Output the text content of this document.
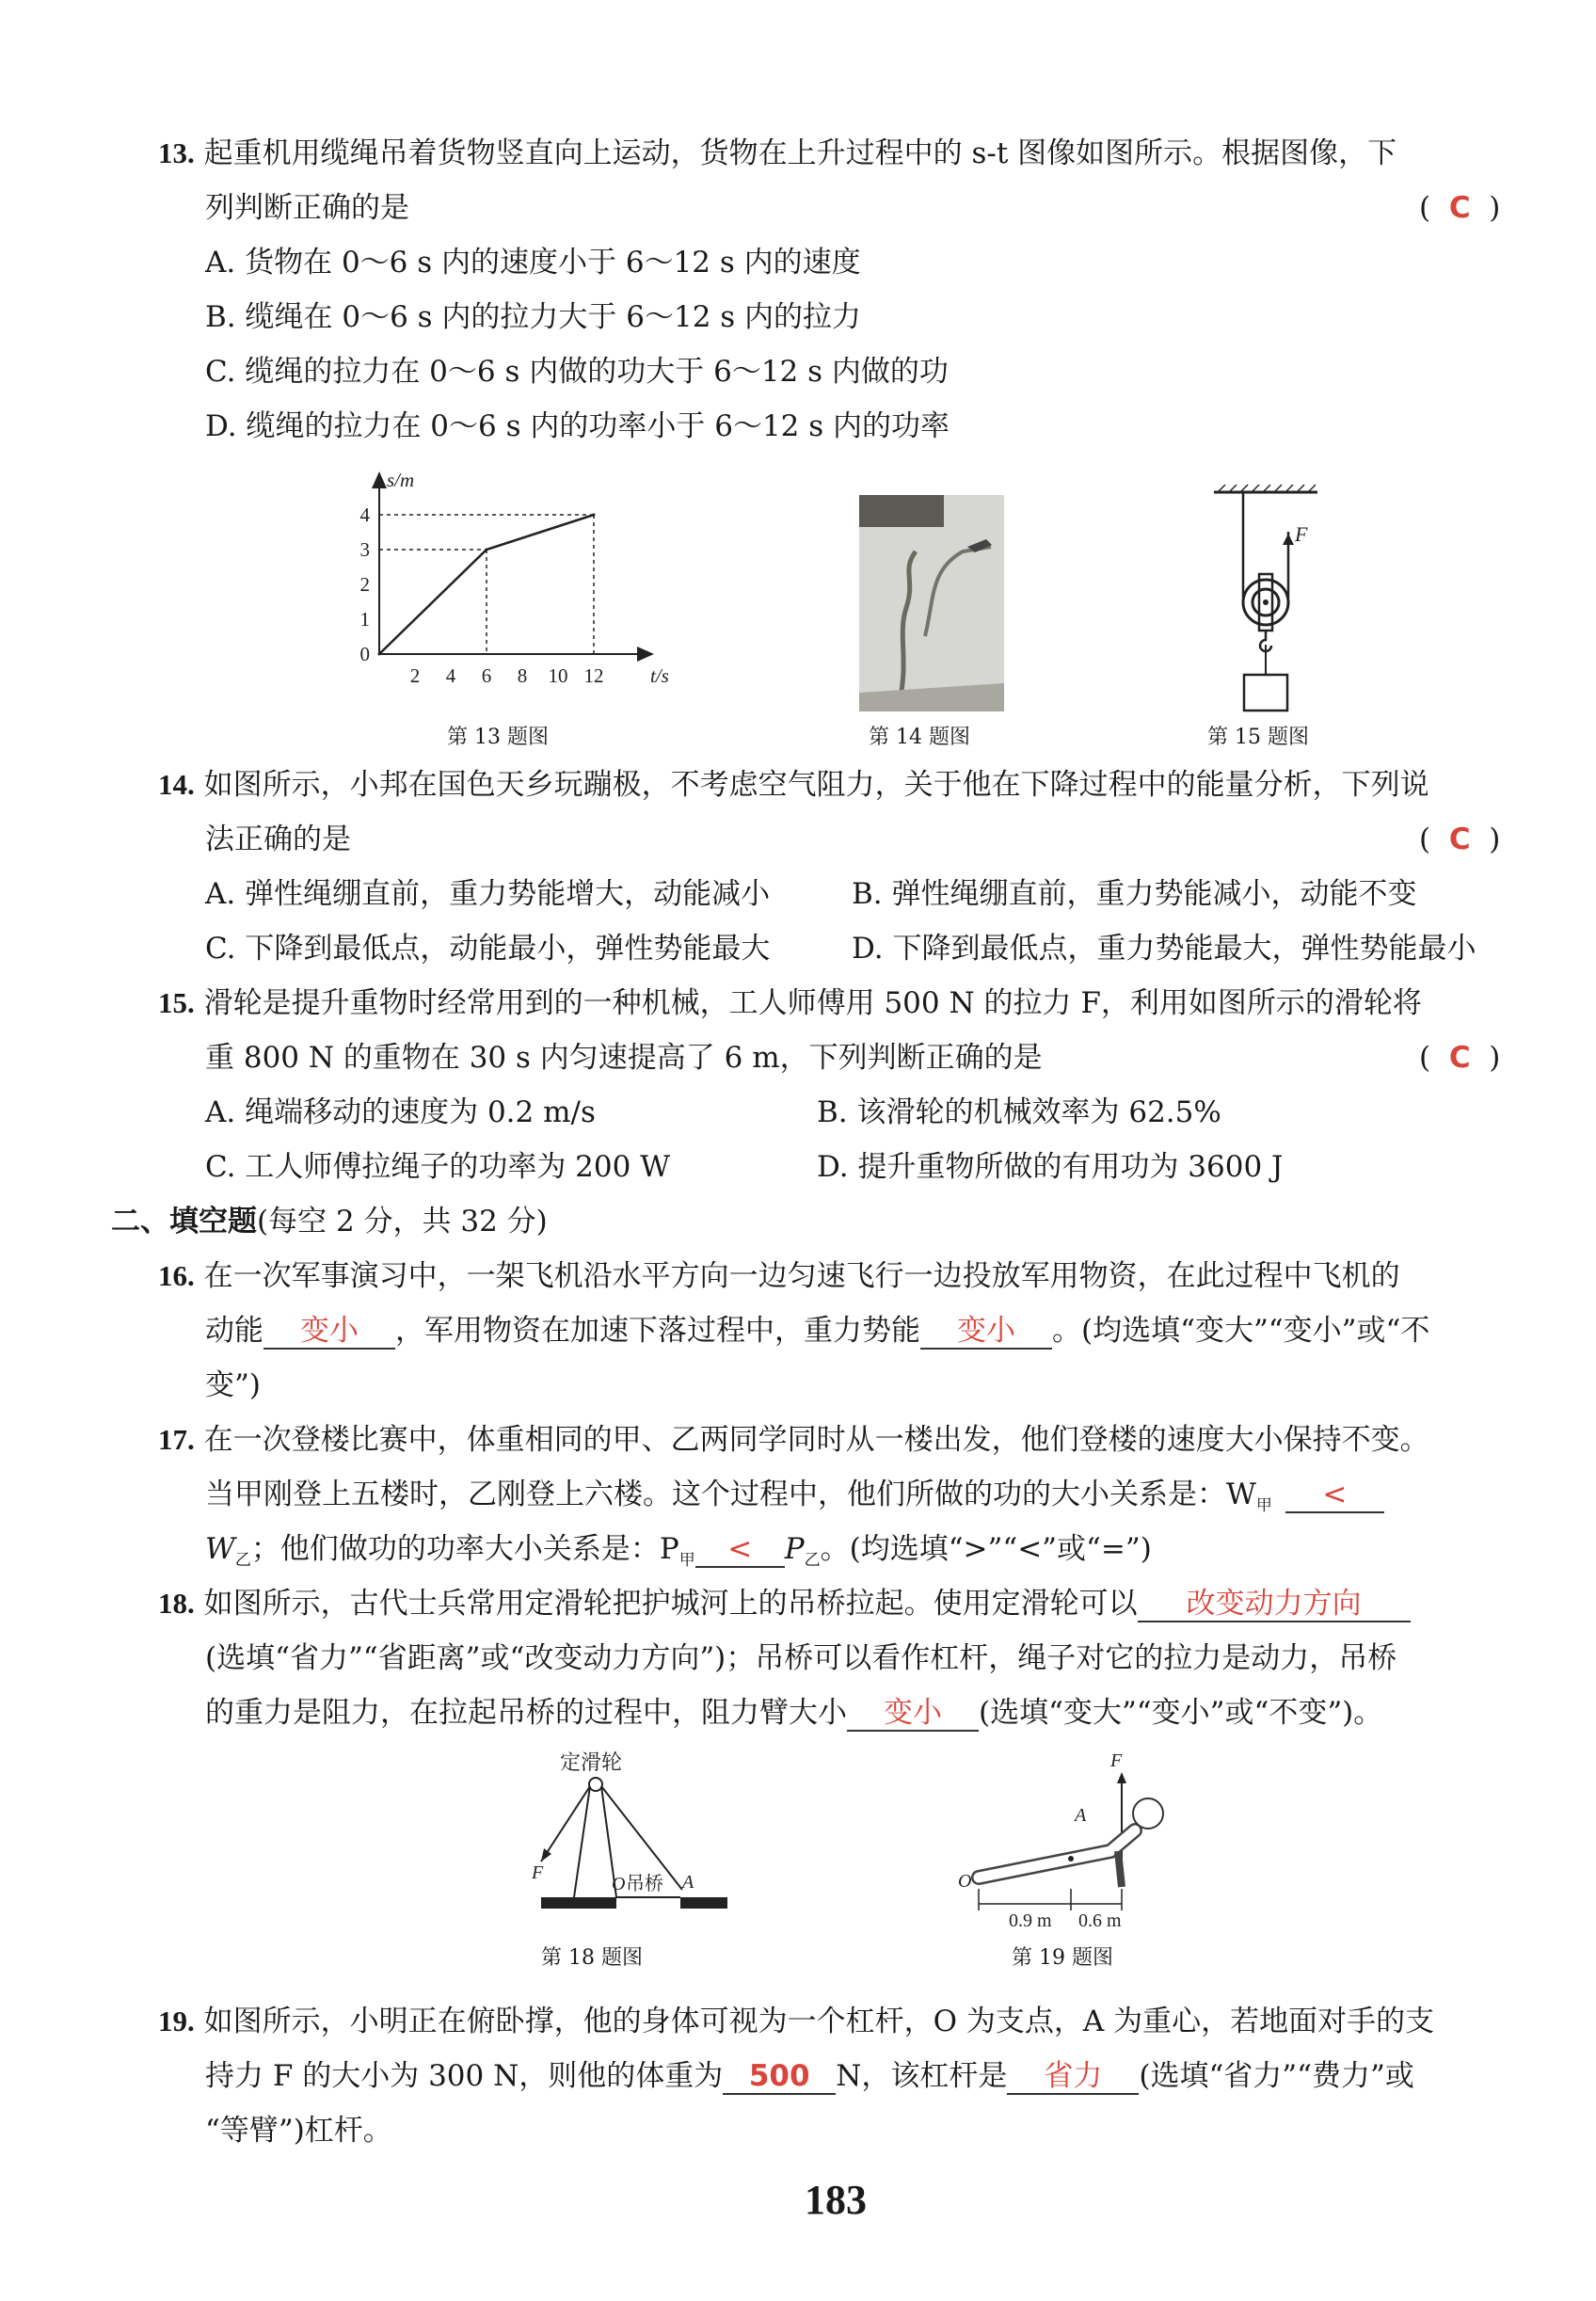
13. 起重机用缆绳吊着货物竖直向上运动，货物在上升过程中的 s-t 图像如图所示。根据图像，下
列判断正确的是	(  C  )
A. 货物在 0～6 s 内的速度小于 6～12 s 内的速度
B. 缆绳在 0～6 s 内的拉力大于 6～12 s 内的拉力
C. 缆绳的拉力在 0～6 s 内做的功大于 6～12 s 内做的功
D. 缆绳的拉力在 0～6 s 内的功率小于 6～12 s 内的功率
s/m
t/s
2 4 6 8 10 12
0
1
2
3
4
第 13 题图	第 14 题图
F
第 15 题图
14. 如图所示，小邦在国色天乡玩蹦极，不考虑空气阻力，关于他在下降过程中的能量分析，下列说
法正确的是	(  C  )
A. 弹性绳绷直前，重力势能增大，动能减小	B. 弹性绳绷直前，重力势能减小，动能不变
C. 下降到最低点，动能最小，弹性势能最大	D. 下降到最低点，重力势能最大，弹性势能最小
15. 滑轮是提升重物时经常用到的一种机械，工人师傅用 500 N 的拉力 F，利用如图所示的滑轮将
重 800 N 的重物在 30 s 内匀速提高了 6 m，下列判断正确的是	(  C  )
A. 绳端移动的速度为 0.2 m/s	B. 该滑轮的机械效率为 62.5%
C. 工人师傅拉绳子的功率为 200 W	D. 提升重物所做的有用功为 3600 J
二、填空题(每空 2 分，共 32 分)
16. 在一次军事演习中，一架飞机沿水平方向一边匀速飞行一边投放军用物资，在此过程中飞机的
动能 变小 ，军用物资在加速下落过程中，重力势能 变小 。(均选填“变大”“变小”或“不
变”)
17. 在一次登楼比赛中，体重相同的甲、乙两同学同时从一楼出发，他们登楼的速度大小保持不变。
当甲刚登上五楼时，乙刚登上六楼。这个过程中，他们所做的功的大小关系是：$W_甲$ <
$W_乙$；他们做功的功率大小关系是：$P_甲 < P_乙$。(均选填“>”“<”或“=”)
18. 如图所示，古代士兵常用定滑轮把护城河上的吊桥拉起。使用定滑轮可以 改变动力方向
(选填“省力”“省距离”或“改变动力方向”)；吊桥可以看作杠杆，绳子对它的拉力是动力，吊桥
的重力是阻力，在拉起吊桥的过程中，阻力臂大小 变小 (选填“变大”“变小”或“不变”)。
定滑轮
F
O 吊桥 A
第 18 题图
F
A
O
0.9 m 0.6 m
第 19 题图
19. 如图所示，小明正在俯卧撑，他的身体可视为一个杠杆，O 为支点，A 为重心，若地面对手的支
持力 F 的大小为 300 N，则他的体重为 500 N，该杠杆是 省力 (选填“省力”“费力”或
“等臂”)杠杆。
183
